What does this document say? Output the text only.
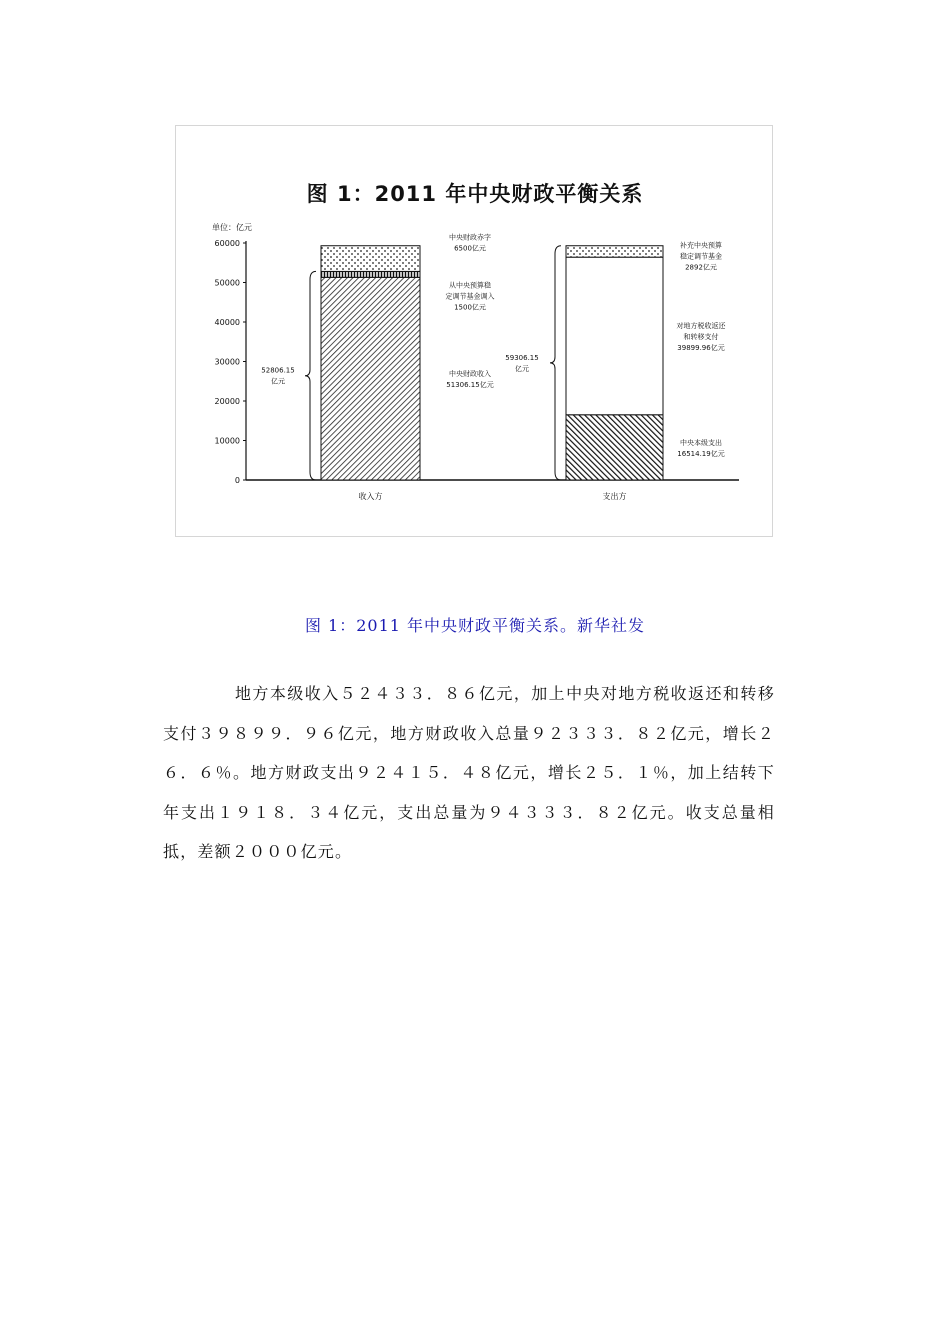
图 1：2011 年中央财政平衡关系
单位：亿元
60000
50000
40000
30000
20000
10000
0
中央财政收入
51306.15亿元
从中央预算稳
定调节基金调入
1500亿元
中央财政赤字
6500亿元
52806.15
亿元
收入方
中央本级支出
16514.19亿元
对地方税收返还
和转移支付
39899.96亿元
补充中央预算
稳定调节基金
2892亿元
59306.15
亿元
支出方
图 1：2011 年中央财政平衡关系。新华社发

地方本级收入５２４３３．８６亿元，加上中央对地方税收返还和转移支付３９８９９．９６亿元，地方财政收入总量９２３３３．８２亿元，增长２６．６％。地方财政支出９２４１５．４８亿元，增长２５．１％，加上结转下年支出１９１８．３４亿元，支出总量为９４３３３．８２亿元。收支总量相抵，差额２０００亿元。
